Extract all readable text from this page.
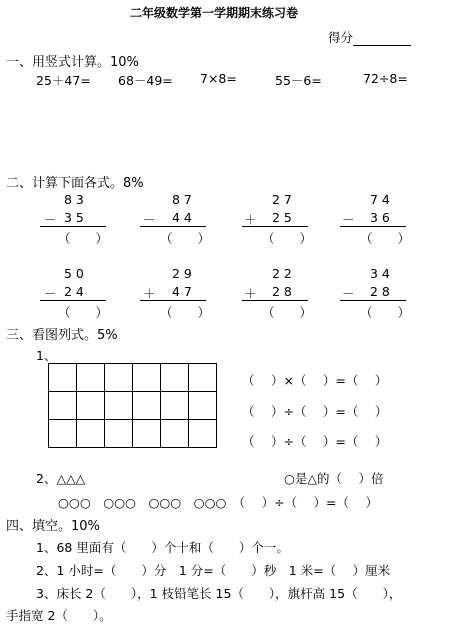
二年级数学第一学期期末练习卷
得分
一、用竖式计算。10%
25＋47= 68－49= 7×8=	55－6=	72÷8=
二、计算下面各式。8%
8 3
－ 3 5
（　　）
8 7
－ 4 4
（　　）
2 7
＋ 2 5
（　　）
7 4
－ 3 6
（　　）
5 0
－ 2 4
（　　）
2 9
＋ 4 7
（　　）
2 2
＋ 2 8
（　　）
3 4
－ 2 8
（　　）
三、看图列式。5%
1、

（　 ）×（　 ）=（　 ）
（　 ）÷（　 ）=（　 ）
（　 ）÷（　 ）=（　 ）
2、△△△	○是△的（　 ）倍
○○○　○○○　○○○　○○○　（　 ）÷（　 ）=（　 ）
四、填空。10%
1、68 里面有（　　）个十和（　　）个一。
2、1 小时=（　　）分　1 分=（　　）秒　1 米=（　 ）厘米
3、床长 2（　　），1 枝铅笔长 15（　　），旗杆高 15（　　），
手指宽 2（　　）。
